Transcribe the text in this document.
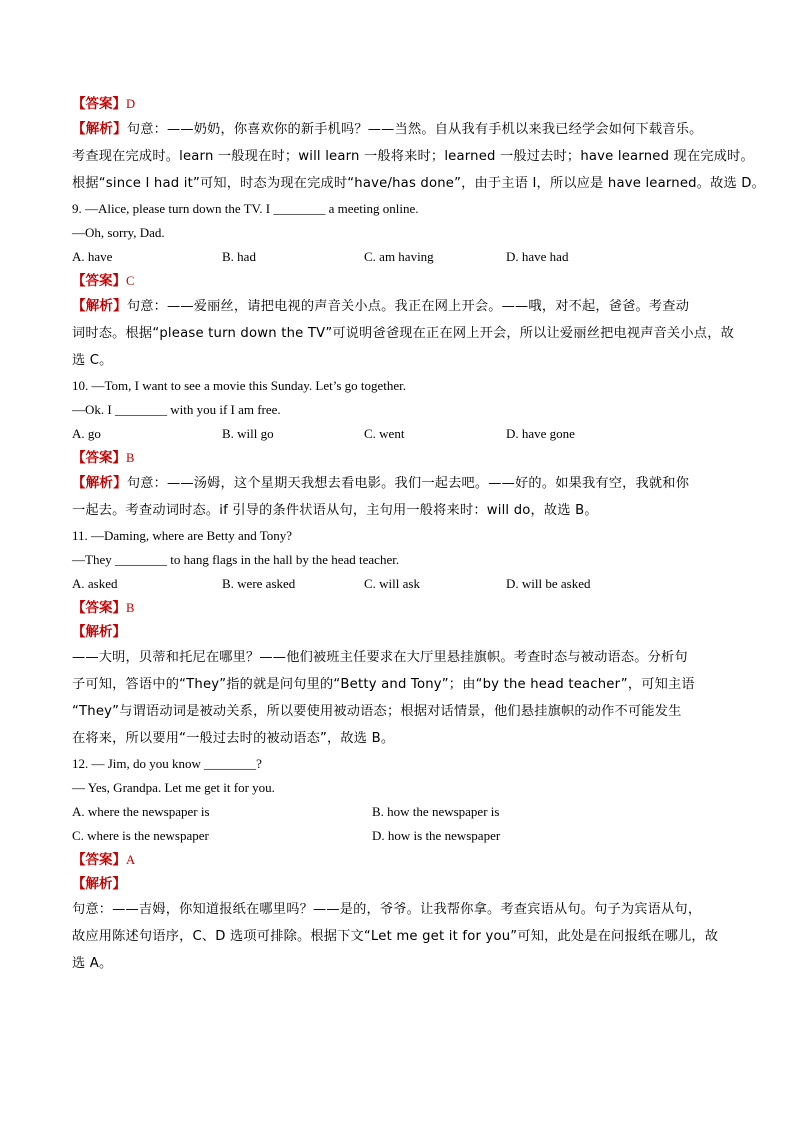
【答案】D
【解析】句意：——奶奶，你喜欢你的新手机吗？——当然。自从我有手机以来我已经学会如何下载音乐。
考查现在完成时。learn 一般现在时；will learn 一般将来时；learned 一般过去时；have learned 现在完成时。
根据“since I had it”可知，时态为现在完成时“have/has done”，由于主语 I，所以应是 have learned。故选 D。
9. —Alice, please turn down the TV. I ________ a meeting online.
—Oh, sorry, Dad.
A. have	B. had	C. am having	D. have had
【答案】C
【解析】句意：——爱丽丝，请把电视的声音关小点。我正在网上开会。——哦，对不起，爸爸。考查动
词时态。根据“please turn down the TV”可说明爸爸现在正在网上开会，所以让爱丽丝把电视声音关小点，故
选 C。
10. —Tom, I want to see a movie this Sunday. Let’s go together.
—Ok. I ________ with you if I am free.
A. go	B. will go	C. went	D. have gone
【答案】B
【解析】句意：——汤姆，这个星期天我想去看电影。我们一起去吧。——好的。如果我有空，我就和你
一起去。考查动词时态。if 引导的条件状语从句，主句用一般将来时：will do，故选 B。
11. —Daming, where are Betty and Tony?
—They ________ to hang flags in the hall by the head teacher.
A. asked	B. were asked	C. will ask	D. will be asked
【答案】B
【解析】
——大明，贝蒂和托尼在哪里？——他们被班主任要求在大厅里悬挂旗帜。考查时态与被动语态。分析句
子可知，答语中的“They”指的就是问句里的“Betty and Tony”；由“by the head teacher”，可知主语
“They”与谓语动词是被动关系，所以要使用被动语态；根据对话情景，他们悬挂旗帜的动作不可能发生
在将来，所以要用“一般过去时的被动语态”，故选 B。
12. — Jim, do you know ________?
— Yes, Grandpa. Let me get it for you.
A. where the newspaper is	B. how the newspaper is
C. where is the newspaper	D. how is the newspaper
【答案】A
【解析】
句意：——吉姆，你知道报纸在哪里吗？——是的，爷爷。让我帮你拿。考查宾语从句。句子为宾语从句，
故应用陈述句语序，C、D 选项可排除。根据下文“Let me get it for you”可知，此处是在问报纸在哪儿，故
选 A。
